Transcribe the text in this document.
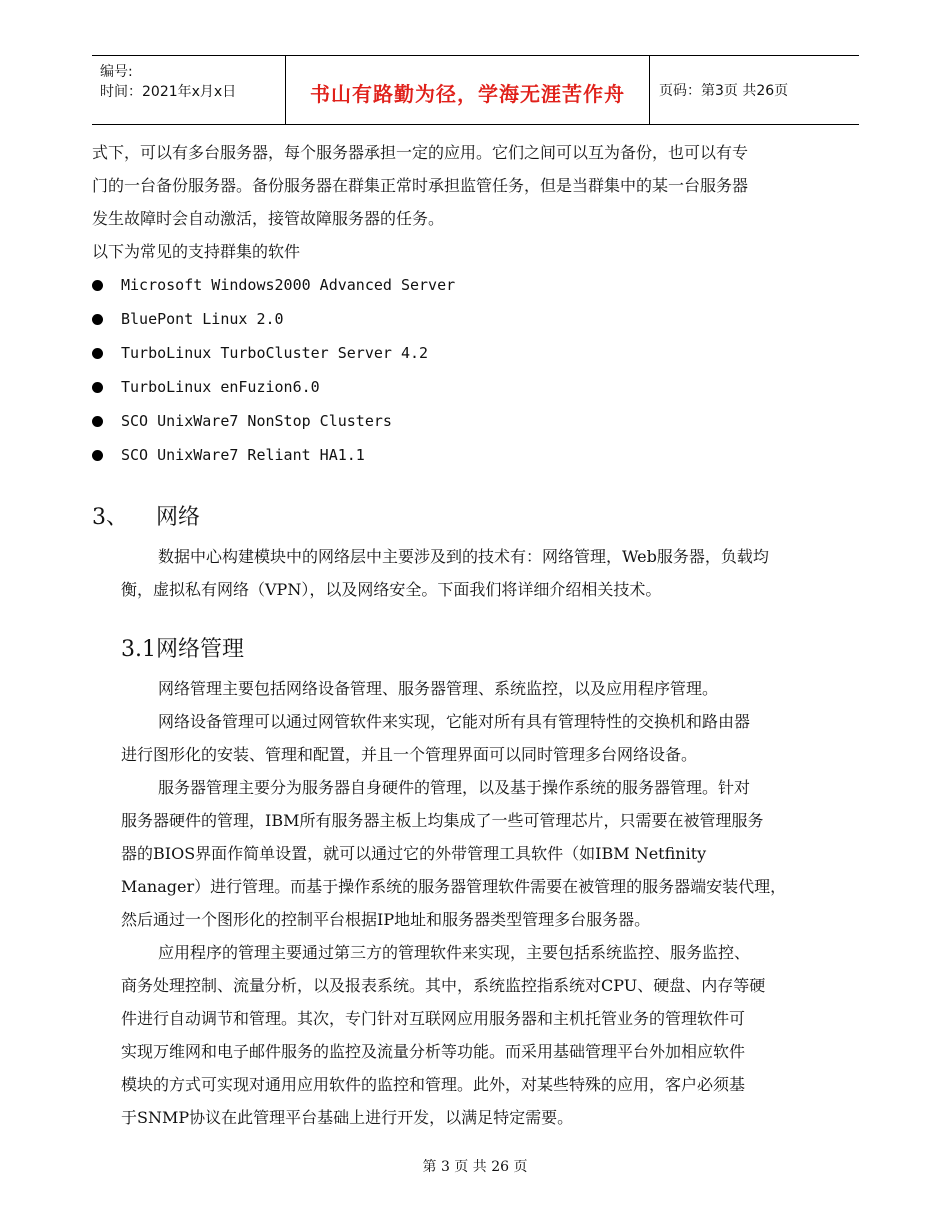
编号:
时间：2021年x月x日	书山有路勤为径，学海无涯苦作舟	页码：第3页 共26页
式下，可以有多台服务器，每个服务器承担一定的应用。它们之间可以互为备份，也可以有专
门的一台备份服务器。备份服务器在群集正常时承担监管任务，但是当群集中的某一台服务器
发生故障时会自动激活，接管故障服务器的任务。
以下为常见的支持群集的软件
Microsoft Windows2000 Advanced Server
BluePont Linux 2.0
TurboLinux TurboCluster Server 4.2
TurboLinux enFuzion6.0
SCO UnixWare7 NonStop Clusters
SCO UnixWare7 Reliant HA1.1
3、 网络
数据中心构建模块中的网络层中主要涉及到的技术有：网络管理，Web服务器，负载均
衡，虚拟私有网络（VPN），以及网络安全。下面我们将详细介绍相关技术。
3.1网络管理
网络管理主要包括网络设备管理、服务器管理、系统监控，以及应用程序管理。
网络设备管理可以通过网管软件来实现，它能对所有具有管理特性的交换机和路由器
进行图形化的安装、管理和配置，并且一个管理界面可以同时管理多台网络设备。
服务器管理主要分为服务器自身硬件的管理，以及基于操作系统的服务器管理。针对
服务器硬件的管理，IBM所有服务器主板上均集成了一些可管理芯片，只需要在被管理服务
器的BIOS界面作简单设置，就可以通过它的外带管理工具软件（如IBM Netfinity
Manager）进行管理。而基于操作系统的服务器管理软件需要在被管理的服务器端安装代理，
然后通过一个图形化的控制平台根据IP地址和服务器类型管理多台服务器。
应用程序的管理主要通过第三方的管理软件来实现，主要包括系统监控、服务监控、
商务处理控制、流量分析，以及报表系统。其中，系统监控指系统对CPU、硬盘、内存等硬
件进行自动调节和管理。其次，专门针对互联网应用服务器和主机托管业务的管理软件可
实现万维网和电子邮件服务的监控及流量分析等功能。而采用基础管理平台外加相应软件
模块的方式可实现对通用应用软件的监控和管理。此外，对某些特殊的应用，客户必须基
于SNMP协议在此管理平台基础上进行开发，以满足特定需要。
第 3 页 共 26 页
